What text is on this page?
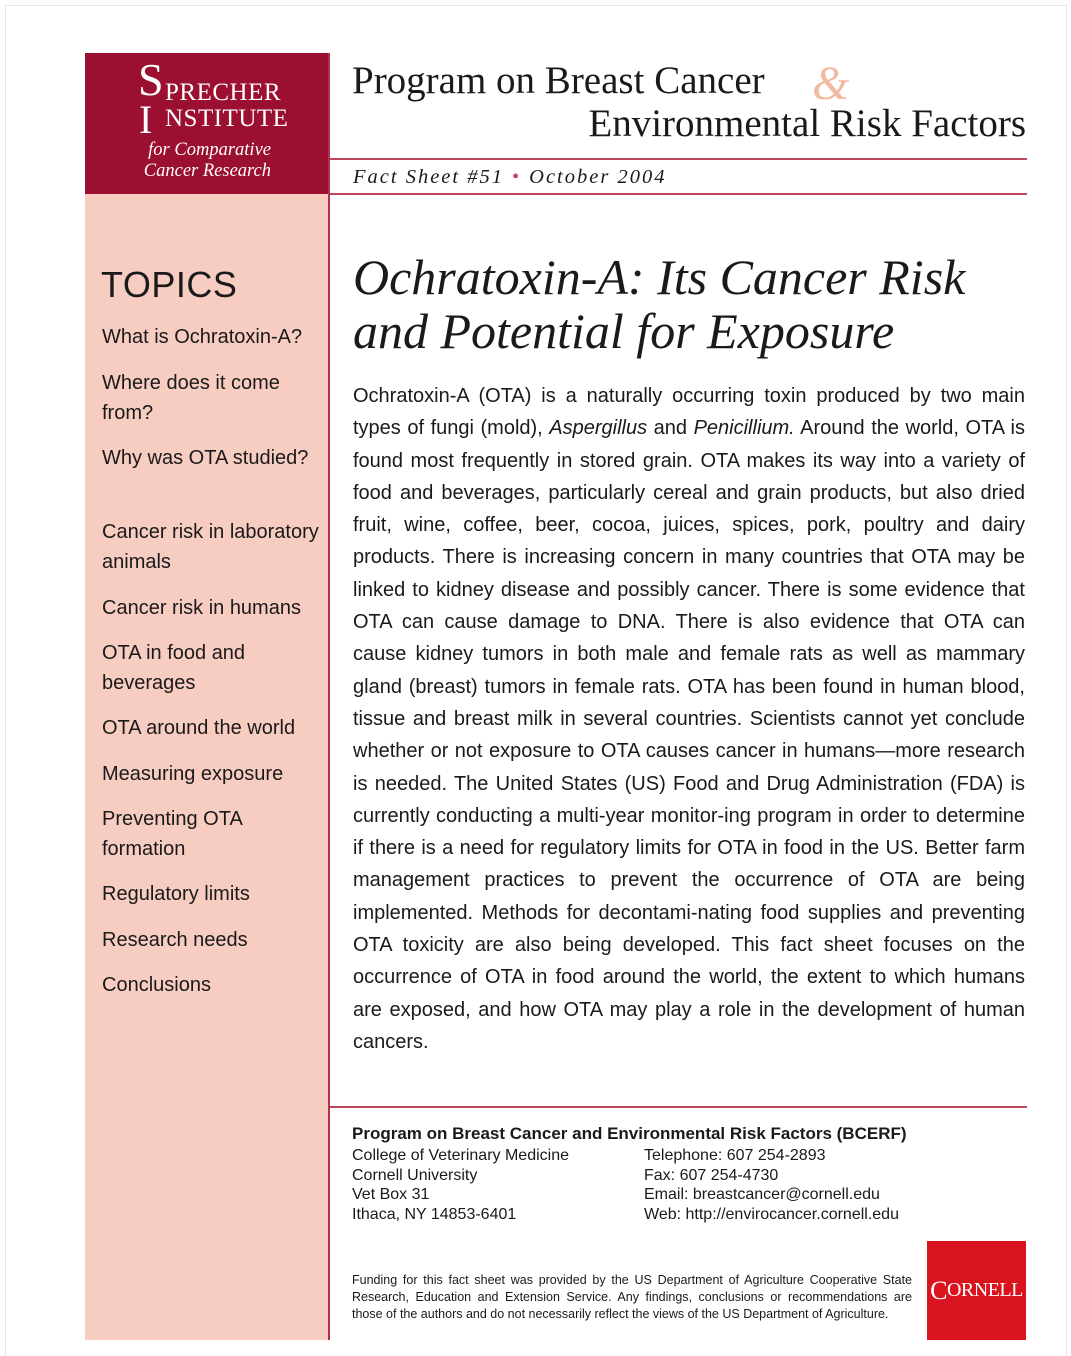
S PRECHER
I NSTITUTE
for Comparative
Cancer Research
TOPICS
What is Ochratoxin-A?
Where does it come from?
Why was OTA studied?
Cancer risk in laboratory animals
Cancer risk in humans
OTA in food and beverages
OTA around the world
Measuring exposure
Preventing OTA formation
Regulatory limits
Research needs
Conclusions
Program on Breast Cancer &
Environmental Risk Factors
Fact Sheet #51 • October 2004
Ochratoxin-A: Its Cancer Risk
and Potential for Exposure
Ochratoxin-A (OTA) is a naturally occurring toxin produced by two main types of fungi (mold), Aspergillus and Penicillium. Around the world, OTA is found most frequently in stored grain. OTA makes its way into a variety of food and beverages, particularly cereal and grain products, but also dried fruit, wine, coffee, beer, cocoa, juices, spices, pork, poultry and dairy products. There is increasing concern in many countries that OTA may be linked to kidney disease and possibly cancer. There is some evidence that OTA can cause damage to DNA. There is also evidence that OTA can cause kidney tumors in both male and female rats as well as mammary gland (breast) tumors in female rats. OTA has been found in human blood, tissue and breast milk in several countries. Scientists cannot yet conclude whether or not exposure to OTA causes cancer in humans—more research is needed. The United States (US) Food and Drug Administration (FDA) is currently conducting a multi-year monitor-ing program in order to determine if there is a need for regulatory limits for OTA in food in the US. Better farm management practices to prevent the occurrence of OTA are being implemented. Methods for decontami-nating food supplies and preventing OTA toxicity are also being developed. This fact sheet focuses on the occurrence of OTA in food around the world, the extent to which humans are exposed, and how OTA may play a role in the development of human cancers.
Program on Breast Cancer and Environmental Risk Factors (BCERF)
College of Veterinary Medicine
Cornell University
Vet Box 31
Ithaca, NY 14853-6401
Telephone: 607 254-2893
Fax: 607 254-4730
Email: breastcancer@cornell.edu
Web: http://envirocancer.cornell.edu
Funding for this fact sheet was provided by the US Department of Agriculture Cooperative State Research, Education and Extension Service. Any findings, conclusions or recommendations are those of the authors and do not necessarily reflect the views of the US Department of Agriculture.
C ORNELL
